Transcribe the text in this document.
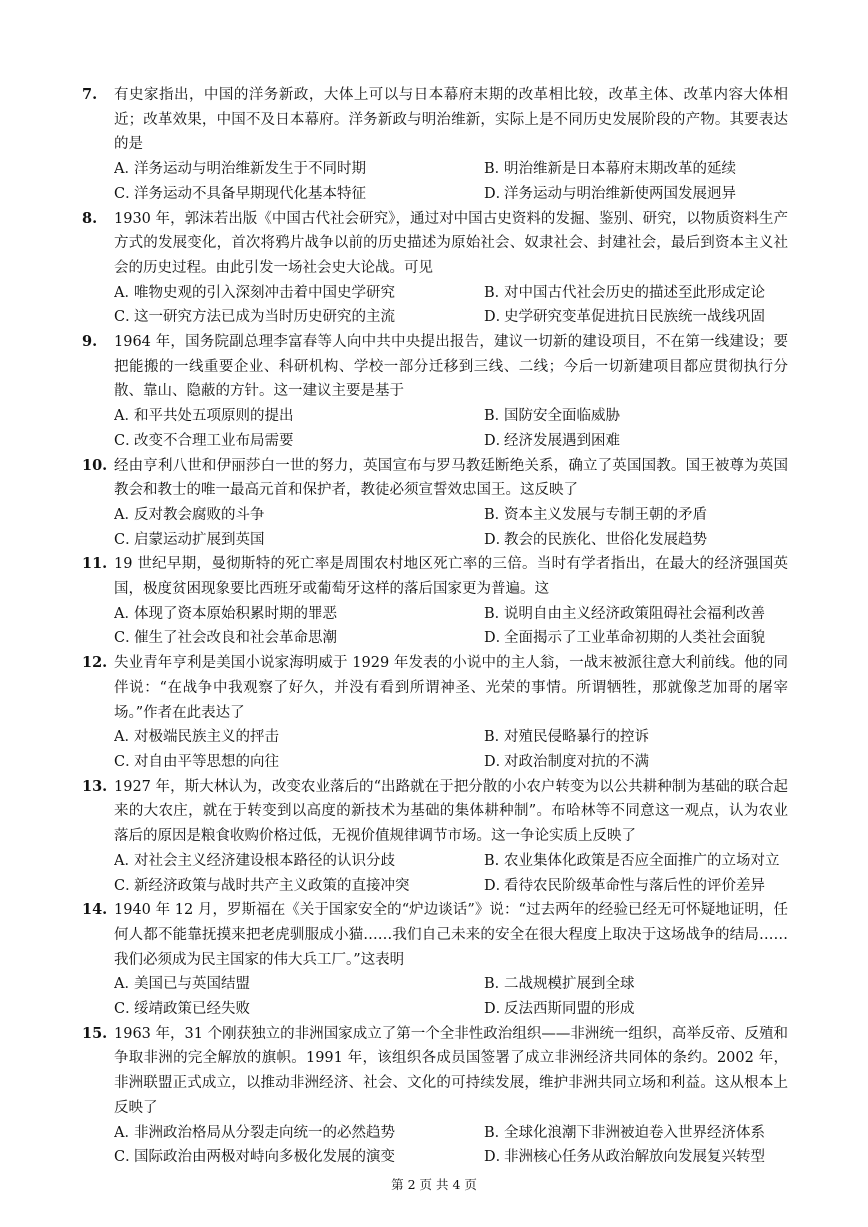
7. 有史家指出，中国的洋务新政，大体上可以与日本幕府末期的改革相比较，改革主体、改革内容大体相近；改革效果，中国不及日本幕府。洋务新政与明治维新，实际上是不同历史发展阶段的产物。其要表达的是
A．洋务运动与明治维新发生于不同时期	B．明治维新是日本幕府末期改革的延续
C．洋务运动不具备早期现代化基本特征	D．洋务运动与明治维新使两国发展迥异
8. 1930 年，郭沫若出版《中国古代社会研究》，通过对中国古史资料的发掘、鉴别、研究，以物质资料生产方式的发展变化，首次将鸦片战争以前的历史描述为原始社会、奴隶社会、封建社会，最后到资本主义社会的历史过程。由此引发一场社会史大论战。可见
A．唯物史观的引入深刻冲击着中国史学研究	B．对中国古代社会历史的描述至此形成定论
C．这一研究方法已成为当时历史研究的主流	D．史学研究变革促进抗日民族统一战线巩固
9. 1964 年，国务院副总理李富春等人向中共中央提出报告，建议一切新的建设项目，不在第一线建设；要把能搬的一线重要企业、科研机构、学校一部分迁移到三线、二线；今后一切新建项目都应贯彻执行分散、靠山、隐蔽的方针。这一建议主要是基于
A．和平共处五项原则的提出	B．国防安全面临威胁
C．改变不合理工业布局需要	D．经济发展遇到困难
10. 经由亨利八世和伊丽莎白一世的努力，英国宣布与罗马教廷断绝关系，确立了英国国教。国王被尊为英国教会和教士的唯一最高元首和保护者，教徒必须宣誓效忠国王。这反映了
A．反对教会腐败的斗争	B．资本主义发展与专制王朝的矛盾
C．启蒙运动扩展到英国	D．教会的民族化、世俗化发展趋势
11. 19 世纪早期，曼彻斯特的死亡率是周围农村地区死亡率的三倍。当时有学者指出，在最大的经济强国英国，极度贫困现象要比西班牙或葡萄牙这样的落后国家更为普遍。这
A．体现了资本原始积累时期的罪恶	B．说明自由主义经济政策阻碍社会福利改善
C．催生了社会改良和社会革命思潮	D．全面揭示了工业革命初期的人类社会面貌
12. 失业青年亨利是美国小说家海明威于 1929 年发表的小说中的主人翁，一战末被派往意大利前线。他的同伴说：“在战争中我观察了好久，并没有看到所谓神圣、光荣的事情。所谓牺牲，那就像芝加哥的屠宰场。”作者在此表达了
A．对极端民族主义的抨击	B．对殖民侵略暴行的控诉
C．对自由平等思想的向往	D．对政治制度对抗的不满
13. 1927 年，斯大林认为，改变农业落后的“出路就在于把分散的小农户转变为以公共耕种制为基础的联合起来的大农庄，就在于转变到以高度的新技术为基础的集体耕种制”。布哈林等不同意这一观点，认为农业落后的原因是粮食收购价格过低，无视价值规律调节市场。这一争论实质上反映了
A．对社会主义经济建设根本路径的认识分歧	B. 农业集体化政策是否应全面推广的立场对立
C．新经济政策与战时共产主义政策的直接冲突	D．看待农民阶级革命性与落后性的评价差异
14. 1940 年 12 月，罗斯福在《关于国家安全的“炉边谈话”》说：“过去两年的经验已经无可怀疑地证明，任何人都不能靠抚摸来把老虎驯服成小猫……我们自己未来的安全在很大程度上取决于这场战争的结局……我们必须成为民主国家的伟大兵工厂。”这表明
A．美国已与英国结盟	B．二战规模扩展到全球
C．绥靖政策已经失败	D．反法西斯同盟的形成
15. 1963 年，31 个刚获独立的非洲国家成立了第一个全非性政治组织——非洲统一组织，高举反帝、反殖和争取非洲的完全解放的旗帜。1991 年，该组织各成员国签署了成立非洲经济共同体的条约。2002 年，非洲联盟正式成立，以推动非洲经济、社会、文化的可持续发展，维护非洲共同立场和利益。这从根本上反映了
A．非洲政治格局从分裂走向统一的必然趋势	B．全球化浪潮下非洲被迫卷入世界经济体系
C．国际政治由两极对峙向多极化发展的演变	D．非洲核心任务从政治解放向发展复兴转型
第 2 页 共 4 页
